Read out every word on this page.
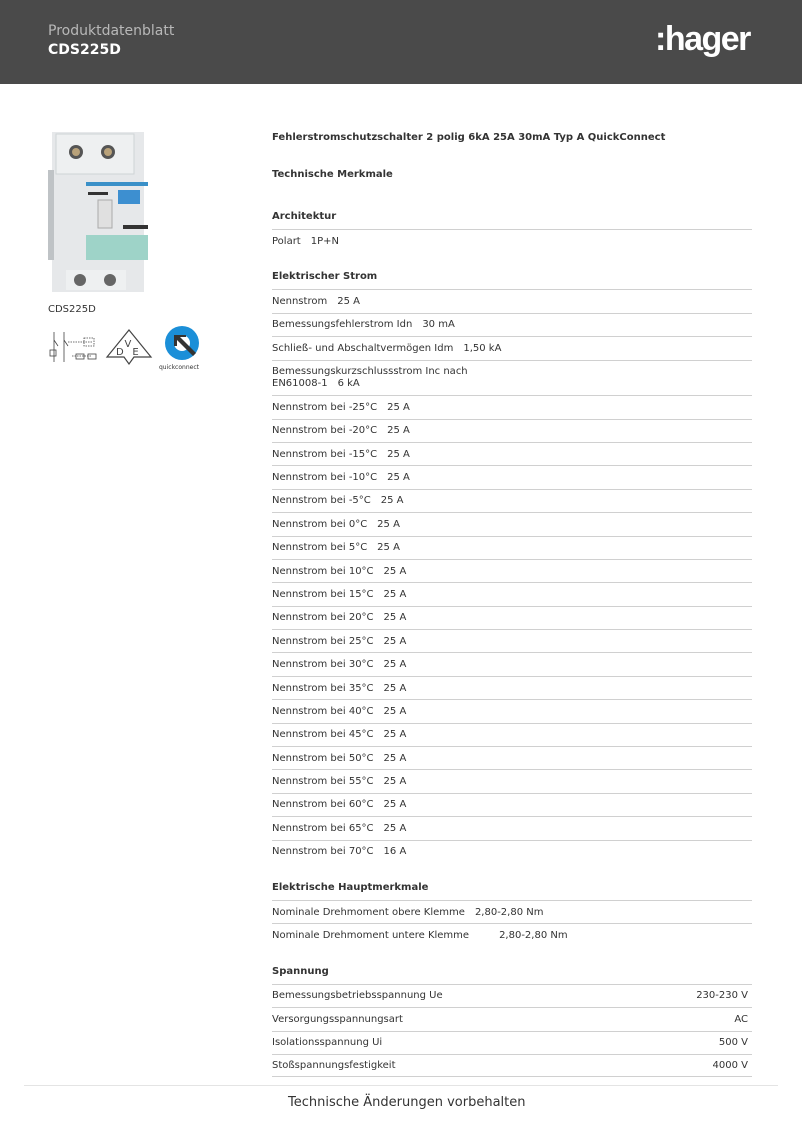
Produktdatenblatt
CDS225D	:hager
CDS225D
DVE
quickconnect
Fehlerstromschutzschalter 2 polig 6kA 25A 30mA Typ A QuickConnect
Technische Merkmale
Architektur
Polart 1P+N
Elektrischer Strom
Nennstrom 25 A
Bemessungsfehlerstrom Idn 30 mA
Schließ- und Abschaltvermögen Idm 1,50 kA
Bemessungskurzschlussstrom Inc nach EN61008-1 6 kA
Nennstrom bei -25°C 25 A
Nennstrom bei -20°C 25 A
Nennstrom bei -15°C 25 A
Nennstrom bei -10°C 25 A
Nennstrom bei -5°C 25 A
Nennstrom bei 0°C 25 A
Nennstrom bei 5°C 25 A
Nennstrom bei 10°C 25 A
Nennstrom bei 15°C 25 A
Nennstrom bei 20°C 25 A
Nennstrom bei 25°C 25 A
Nennstrom bei 30°C 25 A
Nennstrom bei 35°C 25 A
Nennstrom bei 40°C 25 A
Nennstrom bei 45°C 25 A
Nennstrom bei 50°C 25 A
Nennstrom bei 55°C 25 A
Nennstrom bei 60°C 25 A
Nennstrom bei 65°C 25 A
Nennstrom bei 70°C 16 A
Elektrische Hauptmerkmale
Nominale Drehmoment obere Klemme 2,80-2,80 Nm
Nominale Drehmoment untere Klemme	2,80-2,80 Nm
Spannung
Bemessungsbetriebsspannung Ue	230-230 V
Versorgungsspannungsart	AC
Isolationsspannung Ui	500 V
Stoßspannungsfestigkeit	4000 V
Technische Änderungen vorbehalten
